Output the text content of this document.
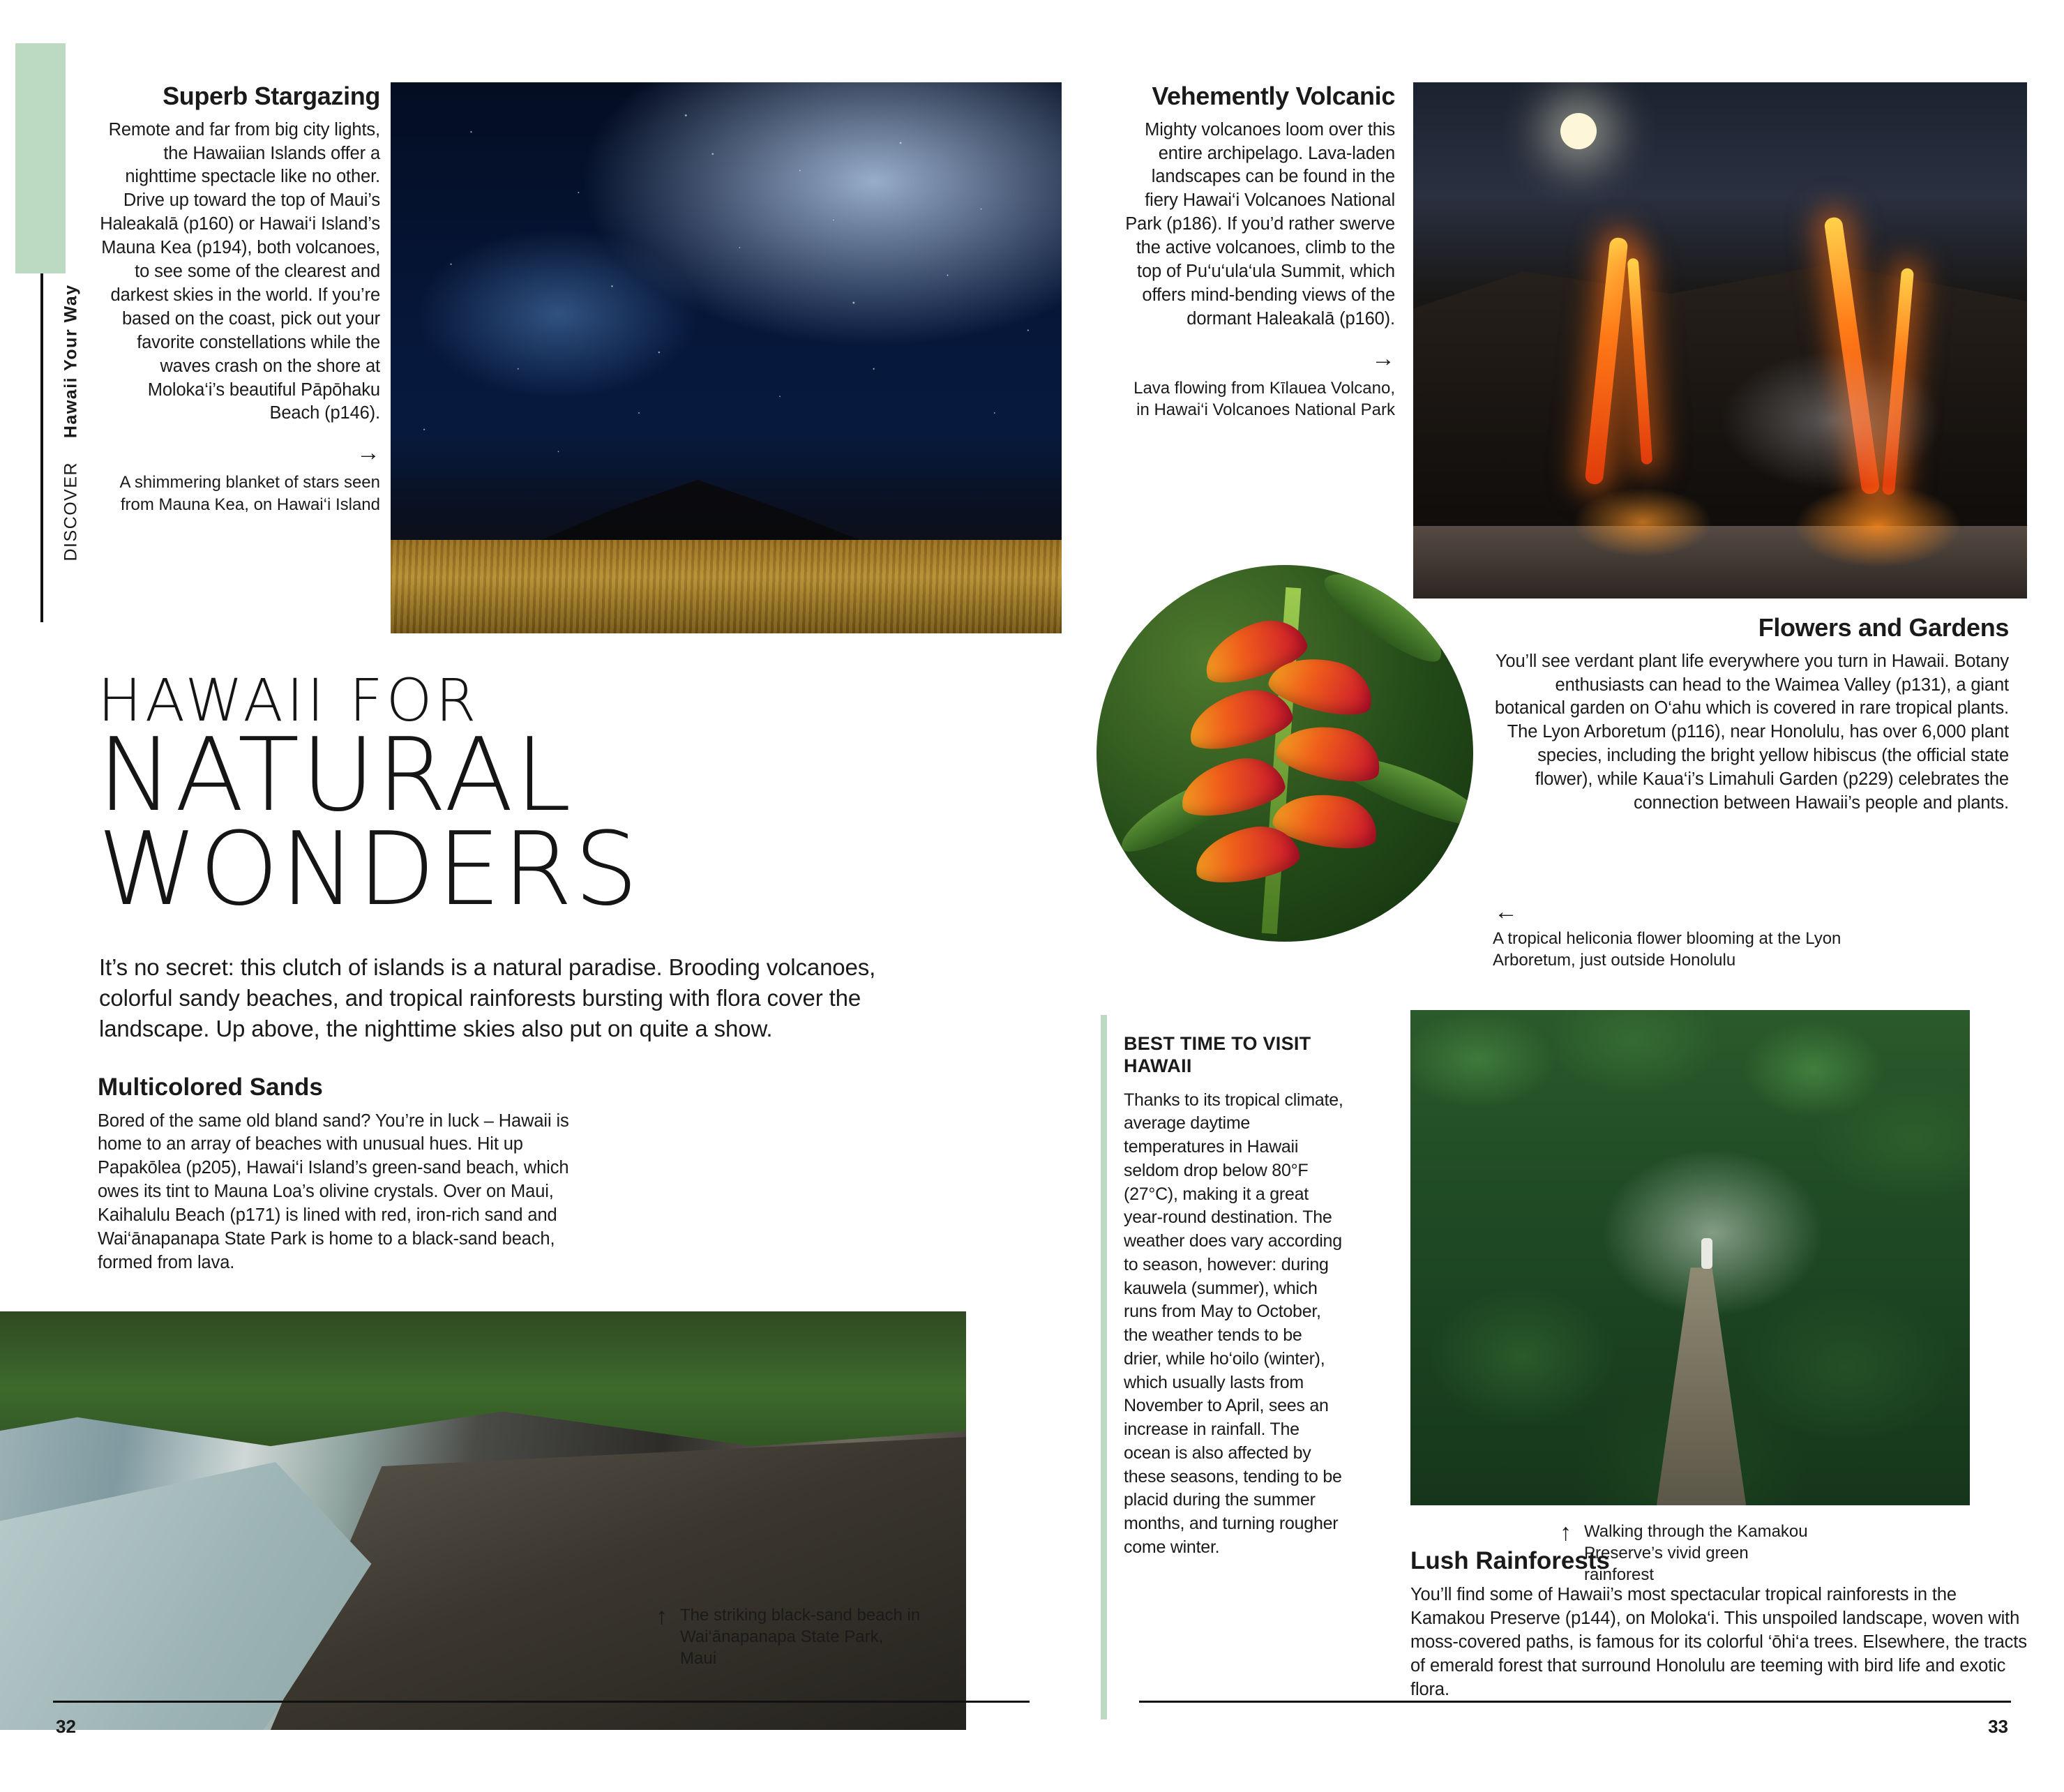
DISCOVER    Hawaii Your Way
Superb Stargazing
Remote and far from big city lights, the Hawaiian Islands offer a nighttime spectacle like no other. Drive up toward the top of Maui’s Haleakalā (p160) or Hawai‘i Island’s Mauna Kea (p194), both volcanoes, to see some of the clearest and darkest skies in the world. If you’re based on the coast, pick out your favorite constellations while the waves crash on the shore at Moloka‘i’s beautiful Pāpōhaku Beach (p146).
→
A shimmering blanket of stars seen from Mauna Kea, on Hawai‘i Island
HAWAII FOR
NATURAL
WONDERS
It’s no secret: this clutch of islands is a natural paradise. Brooding volcanoes, colorful sandy beaches, and tropical rainforests bursting with flora cover the landscape. Up above, the nighttime skies also put on quite a show.
Multicolored Sands
Bored of the same old bland sand? You’re in luck – Hawaii is home to an array of beaches with unusual hues. Hit up Papakōlea (p205), Hawai‘i Island’s green-sand beach, which owes its tint to Mauna Loa’s olivine crystals. Over on Maui, Kaihalulu Beach (p171) is lined with red, iron-rich sand and Wai‘ānapanapa State Park is home to a black-sand beach, formed from lava.
↑ The striking black-sand beach in Wai‘ānapanapa State Park, Maui
32
Vehemently Volcanic
Mighty volcanoes loom over this entire archipelago. Lava-laden landscapes can be found in the fiery Hawai‘i Volcanoes National Park (p186). If you’d rather swerve the active volcanoes, climb to the top of Pu‘u‘ula‘ula Summit, which offers mind-bending views of the dormant Haleakalā (p160).
→
Lava flowing from Kīlauea Volcano, in Hawai‘i Volcanoes National Park
Flowers and Gardens
You’ll see verdant plant life everywhere you turn in Hawaii. Botany enthusiasts can head to the Waimea Valley (p131), a giant botanical garden on O‘ahu which is covered in rare tropical plants. The Lyon Arboretum (p116), near Honolulu, has over 6,000 plant species, including the bright yellow hibiscus (the official state flower), while Kaua‘i’s Limahuli Garden (p229) celebrates the connection between Hawaii’s people and plants.
←
A tropical heliconia flower blooming at the Lyon Arboretum, just outside Honolulu
BEST TIME TO VISIT HAWAII
Thanks to its tropical climate, average daytime temperatures in Hawaii seldom drop below 80°F (27°C), making it a great year-round destination. The weather does vary according to season, however: during kauwela (summer), which runs from May to October, the weather tends to be drier, while ho‘oilo (winter), which usually lasts from November to April, sees an increase in rainfall. The ocean is also affected by these seasons, tending to be placid during the summer months, and turning rougher come winter.
↑ Walking through the Kamakou Preserve’s vivid green rainforest
Lush Rainforests
You’ll find some of Hawaii’s most spectacular tropical rainforests in the Kamakou Preserve (p144), on Moloka‘i. This unspoiled landscape, woven with moss-covered paths, is famous for its colorful ‘ōhi‘a trees. Elsewhere, the tracts of emerald forest that surround Honolulu are teeming with bird life and exotic flora.
33
